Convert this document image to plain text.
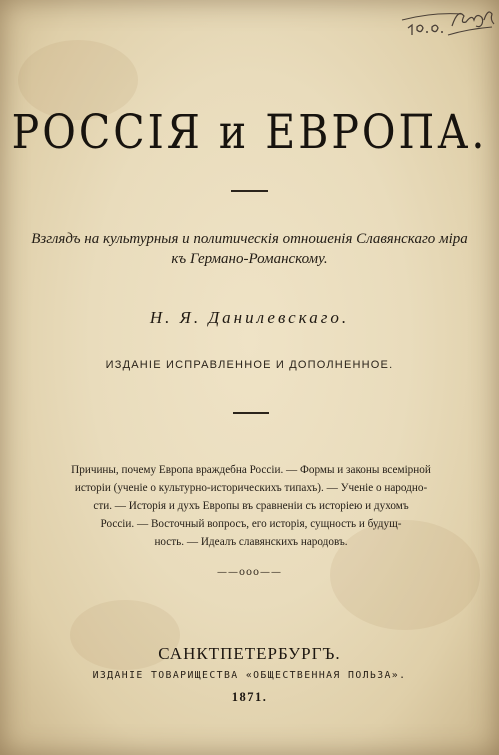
РОССІЯ и ЕВРОПА.
Взглядъ на культурныя и политическія отношенія Славянскаго міра
къ Германо-Романскому.
Н. Я. Данилевскаго.
ИЗДАНІЕ ИСПРАВЛЕННОЕ И ДОПОЛНЕННОЕ.
Причины, почему Европа враждебна Россіи. — Формы и законы всемірной
исторіи (ученіе о культурно-историческихъ типахъ). — Ученіе о народно-
сти. — Исторія и духъ Европы въ сравненіи съ исторіею и духомъ
Россіи. — Восточный вопросъ, его исторія, сущность и будущ-
ность. — Идеалъ славянскихъ народовъ.
——ooo——
САНКТПЕТЕРБУРГЪ.
ИЗДАНІЕ ТОВАРИЩЕСТВА «ОБЩЕСТВЕННАЯ ПОЛЬЗА».
1871.
